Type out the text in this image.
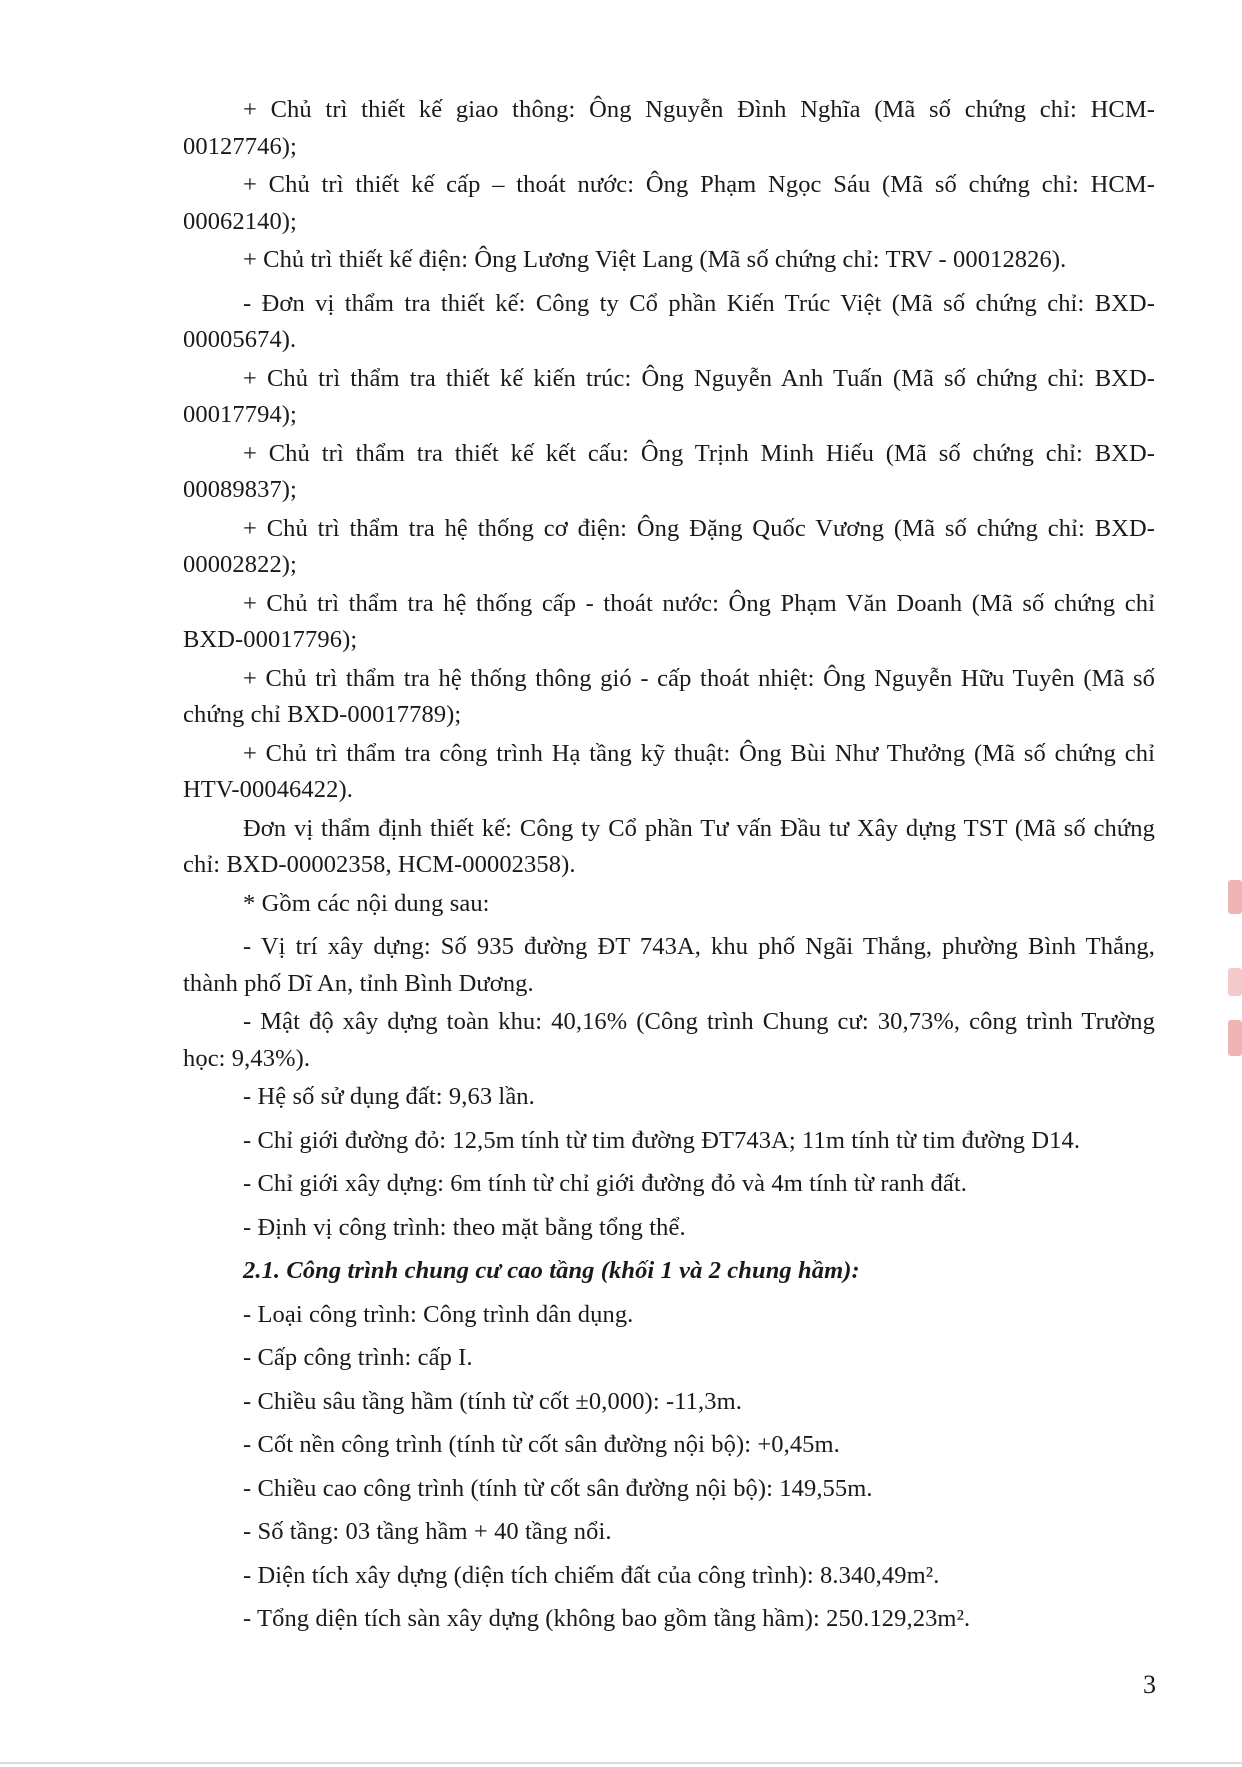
+ Chủ trì thiết kế giao thông: Ông Nguyễn Đình Nghĩa (Mã số chứng chỉ: HCM-00127746);

+ Chủ trì thiết kế cấp – thoát nước: Ông Phạm Ngọc Sáu (Mã số chứng chỉ: HCM-00062140);

+ Chủ trì thiết kế điện: Ông Lương Việt Lang (Mã số chứng chỉ: TRV - 00012826).

- Đơn vị thẩm tra thiết kế: Công ty Cổ phần Kiến Trúc Việt (Mã số chứng chỉ: BXD-00005674).

+ Chủ trì thẩm tra thiết kế kiến trúc: Ông Nguyễn Anh Tuấn (Mã số chứng chỉ: BXD-00017794);

+ Chủ trì thẩm tra thiết kế kết cấu: Ông Trịnh Minh Hiếu (Mã số chứng chỉ: BXD-00089837);

+ Chủ trì thẩm tra hệ thống cơ điện: Ông Đặng Quốc Vương (Mã số chứng chỉ: BXD-00002822);

+ Chủ trì thẩm tra hệ thống cấp - thoát nước: Ông Phạm Văn Doanh (Mã số chứng chỉ BXD-00017796);

+ Chủ trì thẩm tra hệ thống thông gió - cấp thoát nhiệt: Ông Nguyễn Hữu Tuyên (Mã số chứng chỉ BXD-00017789);

+ Chủ trì thẩm tra công trình Hạ tầng kỹ thuật: Ông Bùi Như Thưởng (Mã số chứng chỉ HTV-00046422).

Đơn vị thẩm định thiết kế: Công ty Cổ phần Tư vấn Đầu tư Xây dựng TST (Mã số chứng chỉ: BXD-00002358, HCM-00002358).

* Gồm các nội dung sau:

- Vị trí xây dựng: Số 935 đường ĐT 743A, khu phố Ngãi Thắng, phường Bình Thắng, thành phố Dĩ An, tỉnh Bình Dương.

- Mật độ xây dựng toàn khu: 40,16% (Công trình Chung cư: 30,73%, công trình Trường học: 9,43%).

- Hệ số sử dụng đất: 9,63 lần.

- Chỉ giới đường đỏ: 12,5m tính từ tim đường ĐT743A; 11m tính từ tim đường D14.

- Chỉ giới xây dựng: 6m tính từ chỉ giới đường đỏ và 4m tính từ ranh đất.

- Định vị công trình: theo mặt bằng tổng thể.

2.1. Công trình chung cư cao tầng (khối 1 và 2 chung hầm):

- Loại công trình: Công trình dân dụng.

- Cấp công trình: cấp I.

- Chiều sâu tầng hầm (tính từ cốt ±0,000): -11,3m.

- Cốt nền công trình (tính từ cốt sân đường nội bộ): +0,45m.

- Chiều cao công trình (tính từ cốt sân đường nội bộ): 149,55m.

- Số tầng: 03 tầng hầm + 40 tầng nổi.

- Diện tích xây dựng (diện tích chiếm đất của công trình): 8.340,49m².

- Tổng diện tích sàn xây dựng (không bao gồm tầng hầm): 250.129,23m².

3
